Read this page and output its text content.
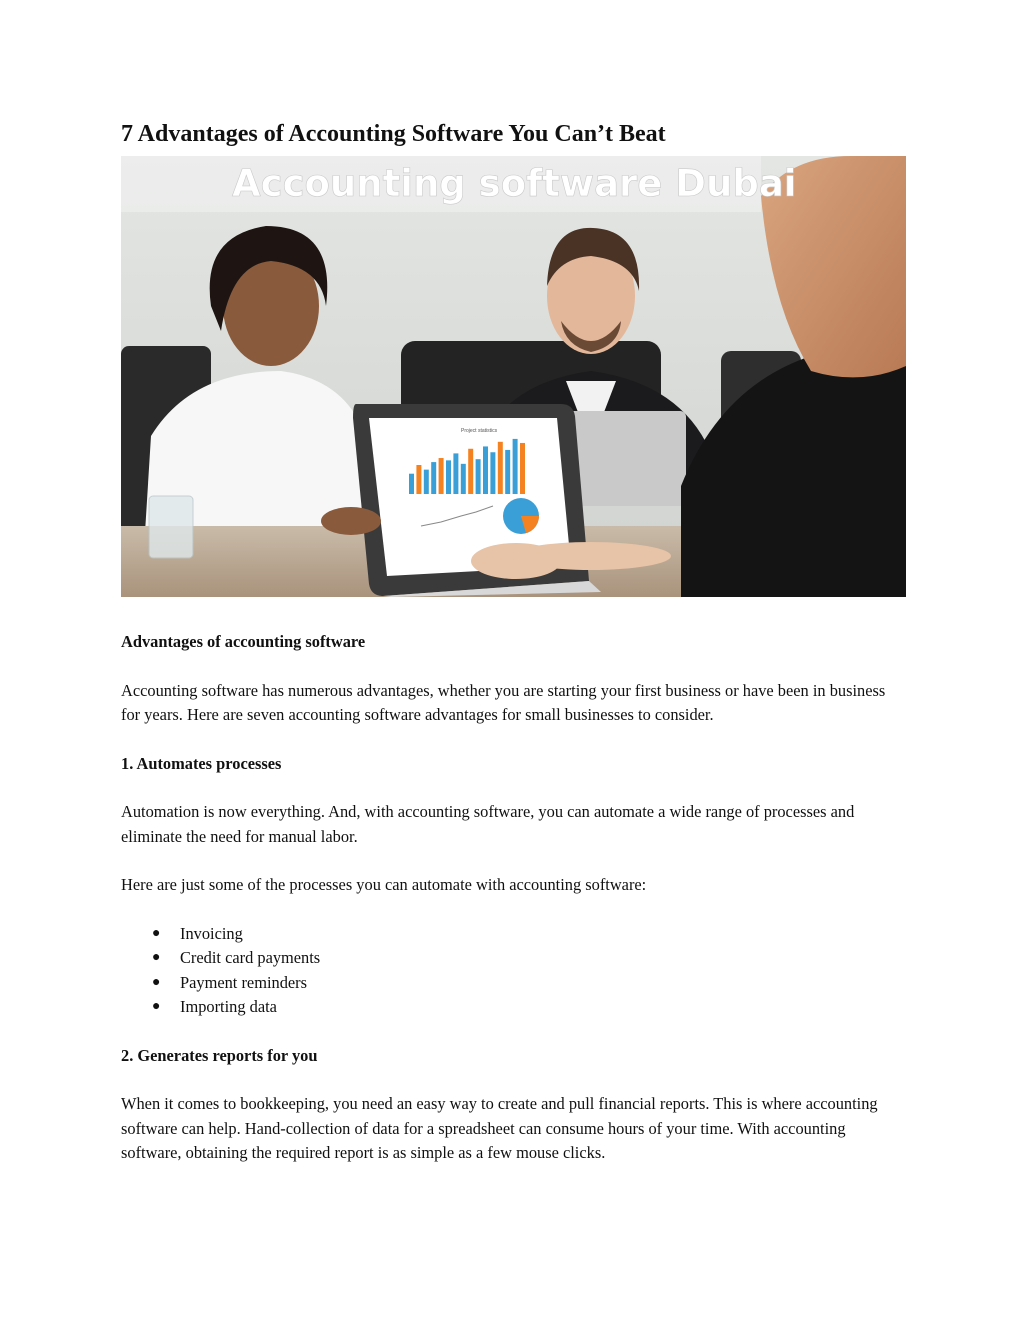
7 Advantages of Accounting Software You Can’t Beat
Project statistics
Accounting software Dubai

Advantages of accounting software

Accounting software has numerous advantages, whether you are starting your first business or have been in business for years. Here are seven accounting software advantages for small businesses to consider.

1. Automates processes

Automation is now everything. And, with accounting software, you can automate a wide range of processes and eliminate the need for manual labor.

Here are just some of the processes you can automate with accounting software:

● Invoicing
● Credit card payments
● Payment reminders
● Importing data

2. Generates reports for you

When it comes to bookkeeping, you need an easy way to create and pull financial reports. This is where accounting software can help. Hand-collection of data for a spreadsheet can consume hours of your time. With accounting software, obtaining the required report is as simple as a few mouse clicks.
